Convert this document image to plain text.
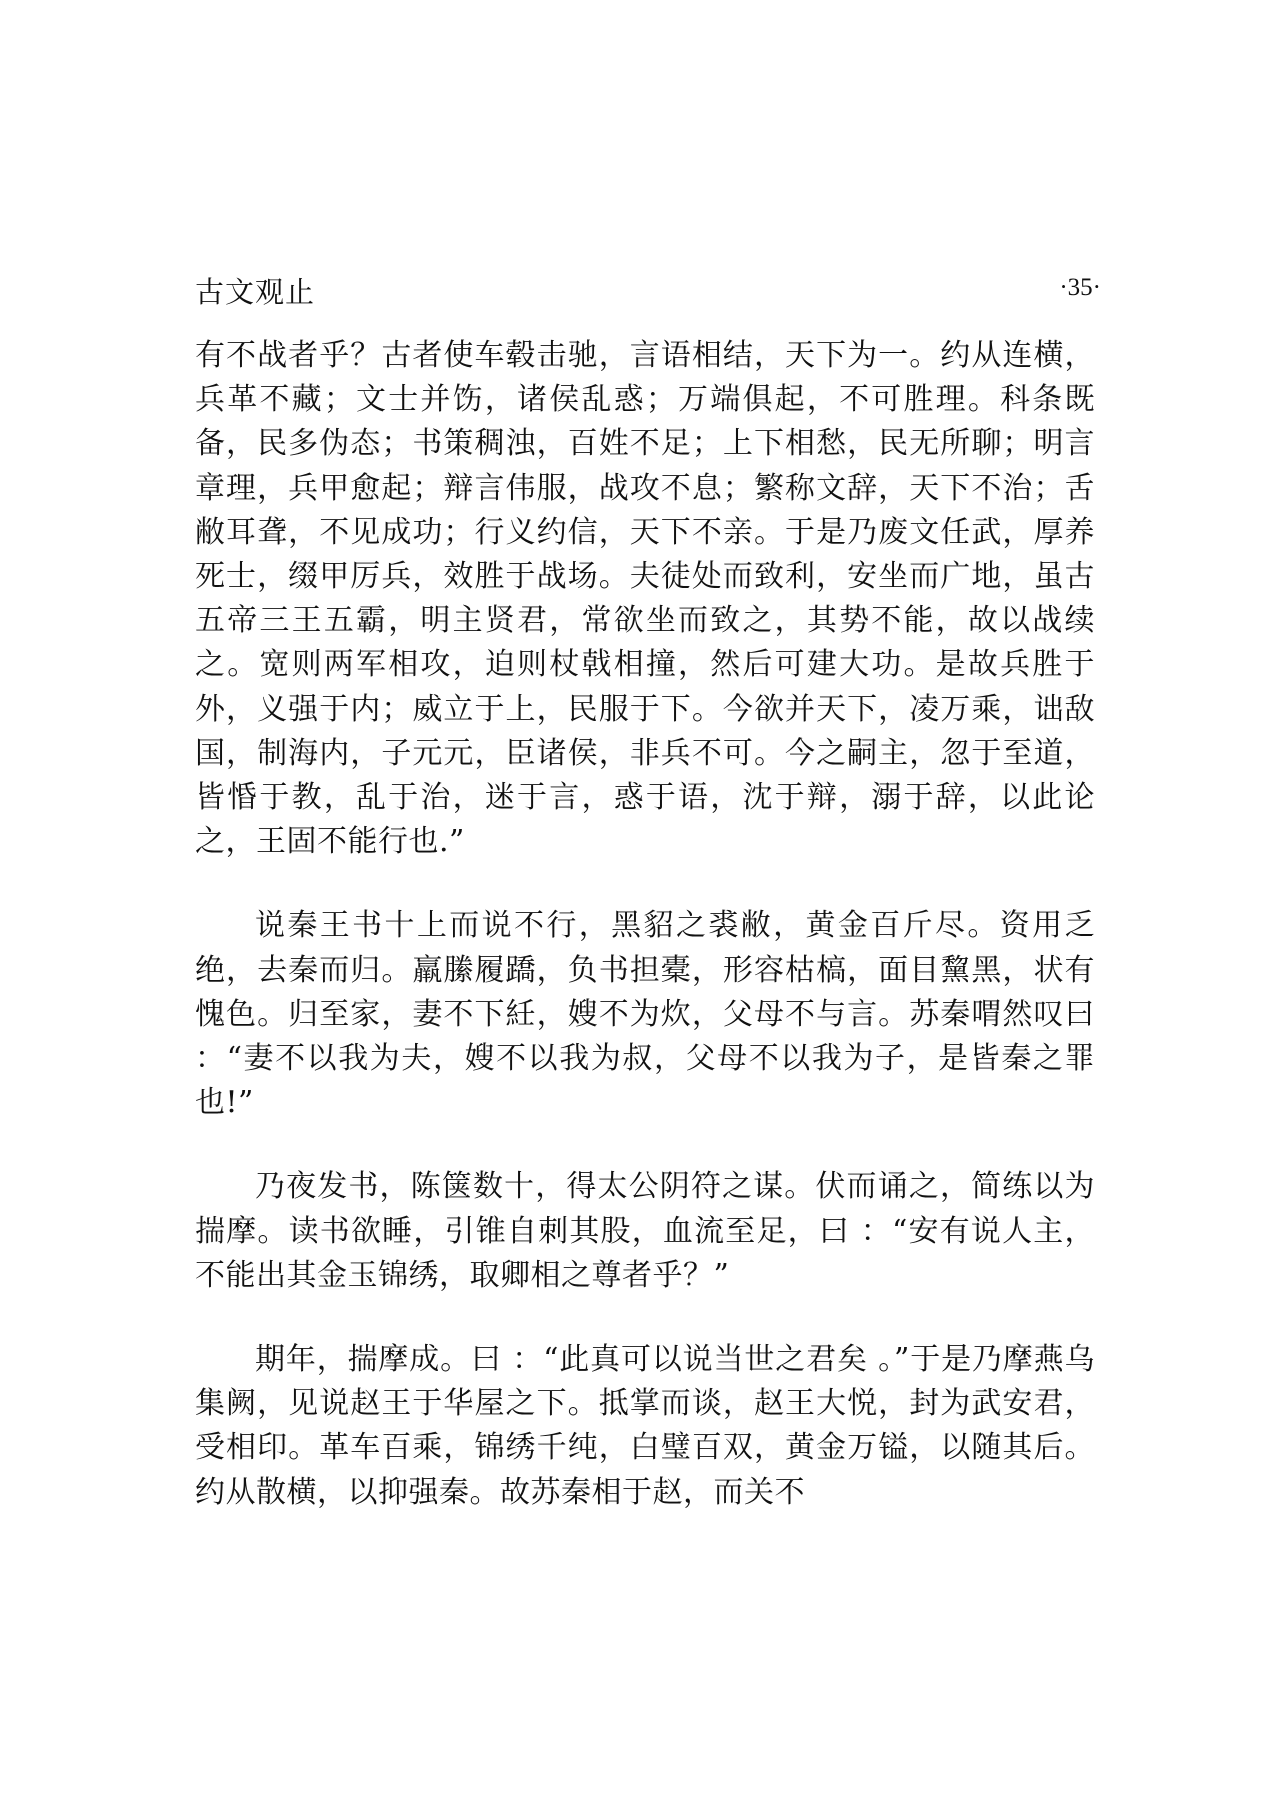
古文观止	·35·

有不战者乎？古者使车毂击驰，言语相结，天下为一。约从连横，兵革不藏；文士并饬，诸侯乱惑；万端俱起，不可胜理。科条既备，民多伪态；书策稠浊，百姓不足；上下相愁，民无所聊；明言章理，兵甲愈起；辩言伟服，战攻不息；繁称文辞，天下不治；舌敝耳聋，不见成功；行义约信，天下不亲。于是乃废文任武，厚养死士，缀甲厉兵，效胜于战场。夫徒处而致利，安坐而广地，虽古五帝三王五霸，明主贤君，常欲坐而致之，其势不能，故以战续之。宽则两军相攻，迫则杖戟相撞，然后可建大功。是故兵胜于外，义强于内；威立于上，民服于下。今欲并天下，凌万乘，诎敌国，制海内，子元元，臣诸侯，非兵不可。今之嗣主，忽于至道，皆惛于教，乱于治，迷于言，惑于语，沈于辩，溺于辞，以此论之，王固不能行也.”

说秦王书十上而说不行，黑貂之裘敝，黄金百斤尽。资用乏绝，去秦而归。羸縢履蹻，负书担橐，形容枯槁，面目黧黑，状有愧色。归至家，妻不下紝，嫂不为炊，父母不与言。苏秦喟然叹曰 ：“妻不以我为夫，嫂不以我为叔，父母不以我为子，是皆秦之罪也!”

乃夜发书，陈箧数十，得太公阴符之谋。伏而诵之，简练以为揣摩。读书欲睡，引锥自刺其股，血流至足，曰 ：“安有说人主，不能出其金玉锦绣，取卿相之尊者乎？”

期年，揣摩成。曰 ：“此真可以说当世之君矣 。”于是乃摩燕乌集阙，见说赵王于华屋之下。抵掌而谈，赵王大悦，封为武安君，受相印。革车百乘，锦绣千纯，白璧百双，黄金万镒，以随其后。约从散横，以抑强秦。故苏秦相于赵，而关不
